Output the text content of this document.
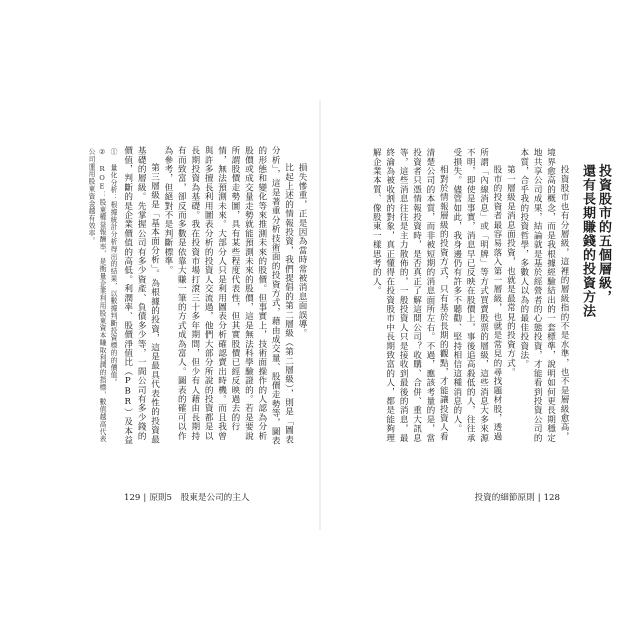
損失慘重，正是因為當時常被消息面誤導。

比起上述的情報投資，我們提倡的第二層級（第二層級），則是「圖表分析」，這是著重分析技術面的投資方式，藉由成交量、股價走勢等，圖表的形態和變化等來推測未來的股價。但事實上，技術面操作的人認為分析股價或成交量走勢就能預測未來的股價，這是無法科學驗證的。若是要說所謂股價走勢圖，具有某些程度代表性，但其實股價已經反映過去的行情，無法預測未來。大部分人只是利用圖表分析確認賣出時機。而且我曾與許多擅長利用圖表分析的投資人交流過，他們大部分所說的投資都是以長期投資為基礎。我在投資市場打滾三十多年期間，但少有人藉由長期持有而致富，卻反而多數是依靠大賺一筆的方式成為富人。圖表的確可以作為參考，但絕對不是判斷標準。

第三層級是「基本面分析」。為根據的投資，這是最具代表性的投資最基礎的層級。先掌握公司有多少資產、負債多少等，一間公司有多少錢的價值，判斷的是企業價值的高低。利潤率、股價淨值比（PBR）及本益

① 量化分析：根據統計分析得出的結果，以數據判斷投資標的的價值。

② ROE：股東權益報酬率，是衡量企業利用股東資本賺取利潤的指標，數值越高代表公司運用股東資金越有效率。

129 | 原則5 股東是公司的主人
投資股市的五個層級，
還有長期賺錢的投資方法

投資股市也有分層級，這裡的層級指的不是水準，也不是層級愈高，境界愈高的概念，而是我根據經驗結出的一套標準，說明如何更長期穩定地共享公司成果，結論就是基於經營者的心態投資，才能看到投資公司的本質，合乎我的投資哲學，多數人以為的最佳投資法。

第一層級是消息面投資，也就是最常見的投資方式。

股市的投資者最容易落入第一層級，也就是常見的尋找題材股，透過所謂「內線消息」或「明牌」等方式買賣股票的層級，這些消息大多來源不明，即使是事實，消息早已反映在股價上，事後追高殺低的人，往往承受損失。儘管如此，我身邊仍有許多不聽勸、堅持相信這種消息的人。

相對於情報層級的投資方式，只有基於長期的觀點，才能讓投資人看清楚公司的本質，而非被短期的消息面所左右。不過，應該考量的是，當投資者只憑情報投資時，是否真正了解這間公司？收購、合併、重大訊息等，這些消息往往是主力散佈的，一般投資人只是接收到最後的消息，最終淪為被收割的對象，真正懂得在投資股市中長期致富的人，都是能夠理解企業本質、像股東一樣思考的人。

投資的細節原則 | 128
